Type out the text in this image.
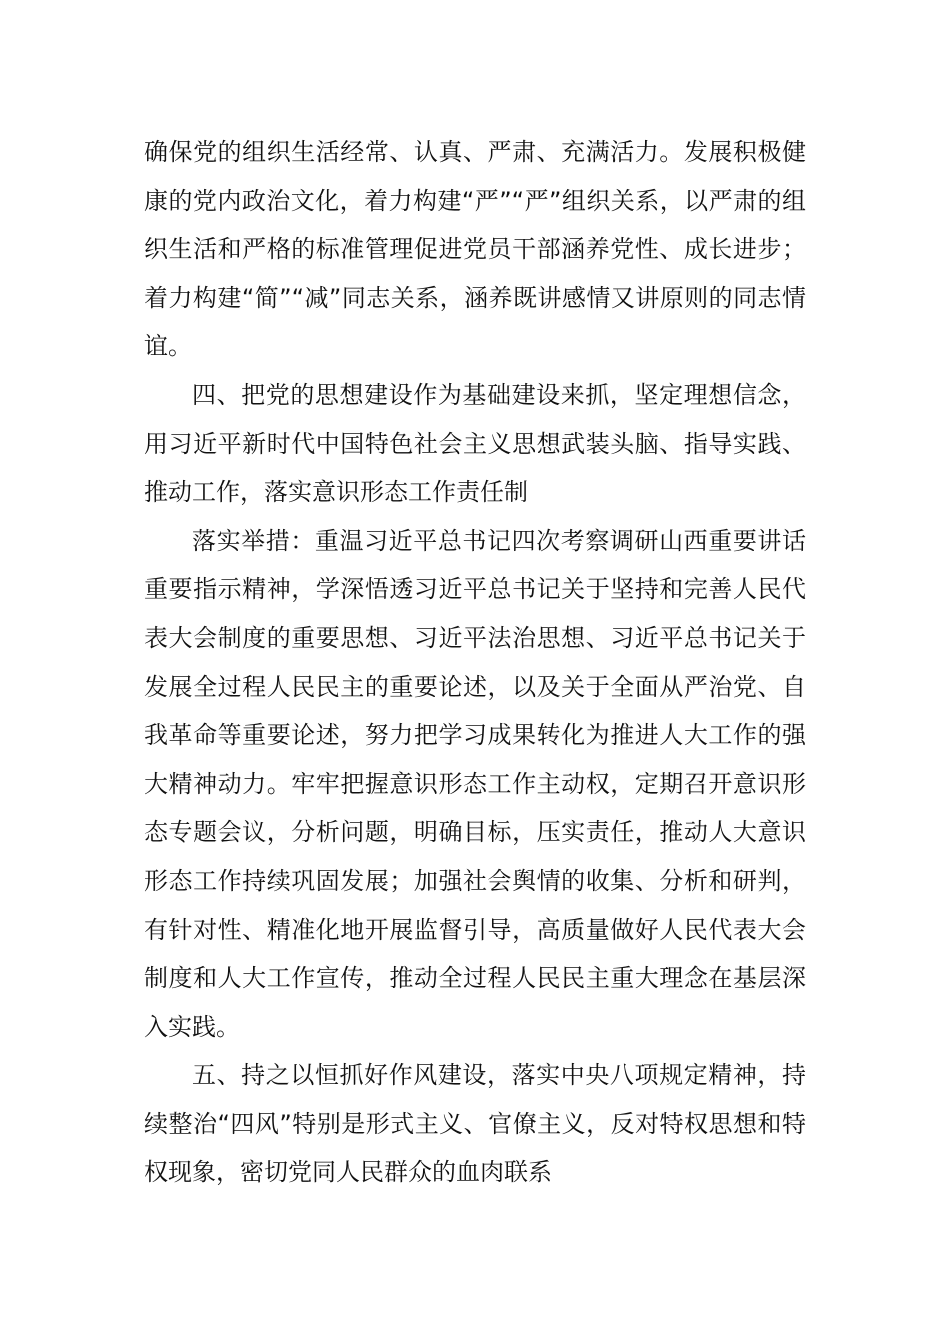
确保党的组织生活经常、认真、严肃、充满活力。发展积极健康的党内政治文化，着力构建“严”“严”组织关系，以严肃的组织生活和严格的标准管理促进党员干部涵养党性、成长进步；着力构建“简”“减”同志关系，涵养既讲感情又讲原则的同志情谊。

四、把党的思想建设作为基础建设来抓，坚定理想信念，用习近平新时代中国特色社会主义思想武装头脑、指导实践、推动工作，落实意识形态工作责任制

落实举措：重温习近平总书记四次考察调研山西重要讲话重要指示精神，学深悟透习近平总书记关于坚持和完善人民代表大会制度的重要思想、习近平法治思想、习近平总书记关于发展全过程人民民主的重要论述，以及关于全面从严治党、自我革命等重要论述，努力把学习成果转化为推进人大工作的强大精神动力。牢牢把握意识形态工作主动权，定期召开意识形态专题会议，分析问题，明确目标，压实责任，推动人大意识形态工作持续巩固发展；加强社会舆情的收集、分析和研判，有针对性、精准化地开展监督引导，高质量做好人民代表大会制度和人大工作宣传，推动全过程人民民主重大理念在基层深入实践。

五、持之以恒抓好作风建设，落实中央八项规定精神，持续整治“四风”特别是形式主义、官僚主义，反对特权思想和特权现象，密切党同人民群众的血肉联系
